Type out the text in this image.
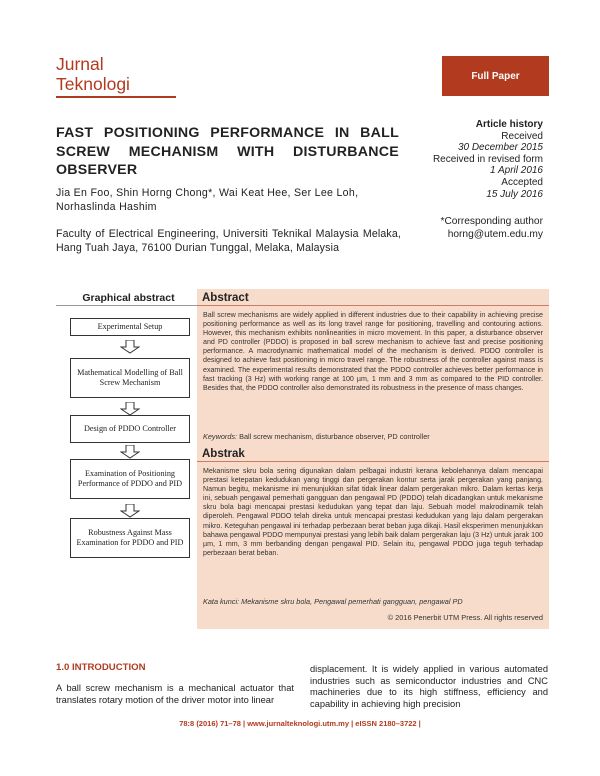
Jurnal
Teknologi	Full Paper
FAST POSITIONING PERFORMANCE IN BALL SCREW MECHANISM WITH DISTURBANCE OBSERVER
Jia En Foo, Shin Horng Chong*, Wai Keat Hee, Ser Lee Loh, Norhaslinda Hashim
Faculty of Electrical Engineering, Universiti Teknikal Malaysia Melaka, Hang Tuah Jaya, 76100 Durian Tunggal, Melaka, Malaysia
Article history
Received
30 December 2015
Received in revised form
1 April 2016
Accepted
15 July 2016
*Corresponding author
horng@utem.edu.my
Graphical abstract
Experimental Setup
Mathematical Modelling of Ball Screw Mechanism
Design of PDDO Controller
Examination of Positioning Performance of PDDO and PID
Robustness Against Mass Examination for PDDO and PID
Abstract
Ball screw mechanisms are widely applied in different industries due to their capability in achieving precise positioning performance as well as its long travel range for positioning, travelling and contouring actions. However, this mechanism exhibits nonlinearities in micro movement. In this paper, a disturbance observer and PD controller (PDDO) is proposed in ball screw mechanism to achieve fast and precise positioning performance. A macrodynamic mathematical model of the mechanism is derived. PDDO controller is designed to achieve fast positioning in micro travel range. The robustness of the controller against mass is examined. The experimental results demonstrated that the PDDO controller achieves better performance in fast tracking (3 Hz) with working range at 100 µm, 1 mm and 3 mm as compared to the PID controller. Besides that, the PDDO controller also demonstrated its robustness in the presence of mass changes.
Keywords: Ball screw mechanism, disturbance observer, PD controller
Abstrak
Mekanisme skru bola sering digunakan dalam pelbagai industri kerana kebolehannya dalam mencapai prestasi ketepatan kedudukan yang tinggi dan pergerakan kontur serta jarak pergerakan yang panjang. Namun begitu, mekanisme ini menunjukkan sifat tidak linear dalam pergerakan mikro. Dalam kertas kerja ini, sebuah pengawal pemerhati gangguan dan pengawal PD (PDDO) telah dicadangkan untuk mekanisme skru bola bagi mencapai prestasi kedudukan yang tepat dan laju. Sebuah model makrodinamik telah diperoleh. Pengawal PDDO telah direka untuk mencapai prestasi kedudukan yang laju dalam pergerakan mikro. Keteguhan pengawal ini terhadap perbezaan berat beban juga dikaji. Hasil eksperimen menunjukkan bahawa pengawal PDDO mempunyai prestasi yang lebih baik dalam pergerakan laju (3 Hz) untuk jarak 100 µm, 1 mm, 3 mm berbanding dengan pengawal PID. Selain itu, pengawal PDDO juga teguh terhadap perbezaan berat beban.
Kata kunci: Mekanisme skru bola, Pengawal pemerhati gangguan, pengawal PD
© 2016 Penerbit UTM Press. All rights reserved
1.0 INTRODUCTION
A ball screw mechanism is a mechanical actuator that translates rotary motion of the driver motor into linear
displacement. It is widely applied in various automated industries such as semiconductor industries and CNC machineries due to its high stiffness, efficiency and capability in achieving high precision
78:8 (2016) 71–78 | www.jurnalteknologi.utm.my | eISSN 2180–3722 |
